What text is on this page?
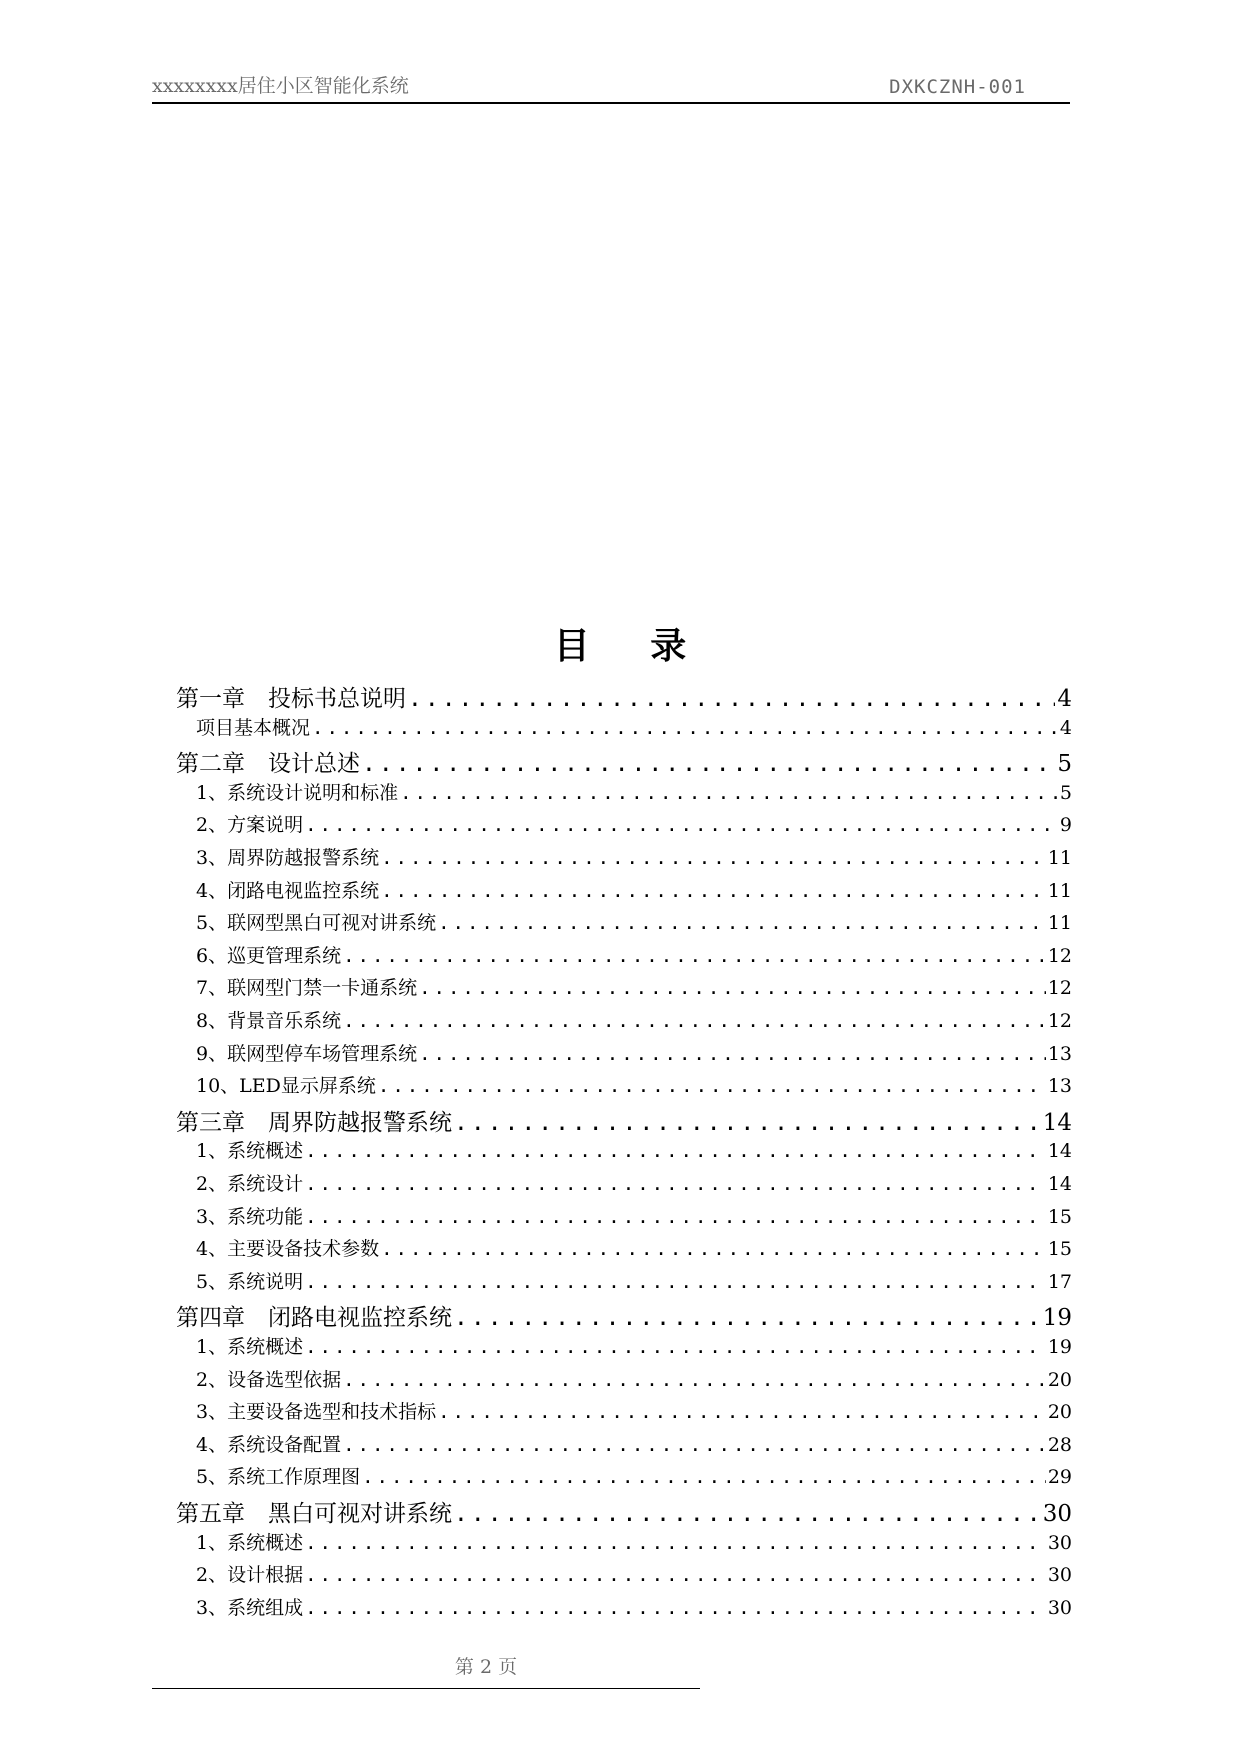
xxxxxxxx居住小区智能化系统	DXKCZNH-001
目 录
第一章　投标书总说明 .....	4
项目基本概况 .....	4
第二章　设计总述 .....	5
1、系统设计说明和标准 .....	5
2、方案说明 .....	9
3、周界防越报警系统 .....	11
4、闭路电视监控系统 .....	11
5、联网型黑白可视对讲系统 .....	11
6、巡更管理系统 .....	12
7、联网型门禁一卡通系统 .....	12
8、背景音乐系统 .....	12
9、联网型停车场管理系统 .....	13
10、LED显示屏系统 .....	13
第三章　周界防越报警系统 .....	14
1、系统概述 .....	14
2、系统设计 .....	14
3、系统功能 .....	15
4、主要设备技术参数 .....	15
5、系统说明 .....	17
第四章　闭路电视监控系统 .....	19
1、系统概述 .....	19
2、设备选型依据 .....	20
3、主要设备选型和技术指标 .....	20
4、系统设备配置 .....	28
5、系统工作原理图 .....	29
第五章　黑白可视对讲系统 .....	30
1、系统概述 .....	30
2、设计根据 .....	30
3、系统组成 .....	30
第 2 页
